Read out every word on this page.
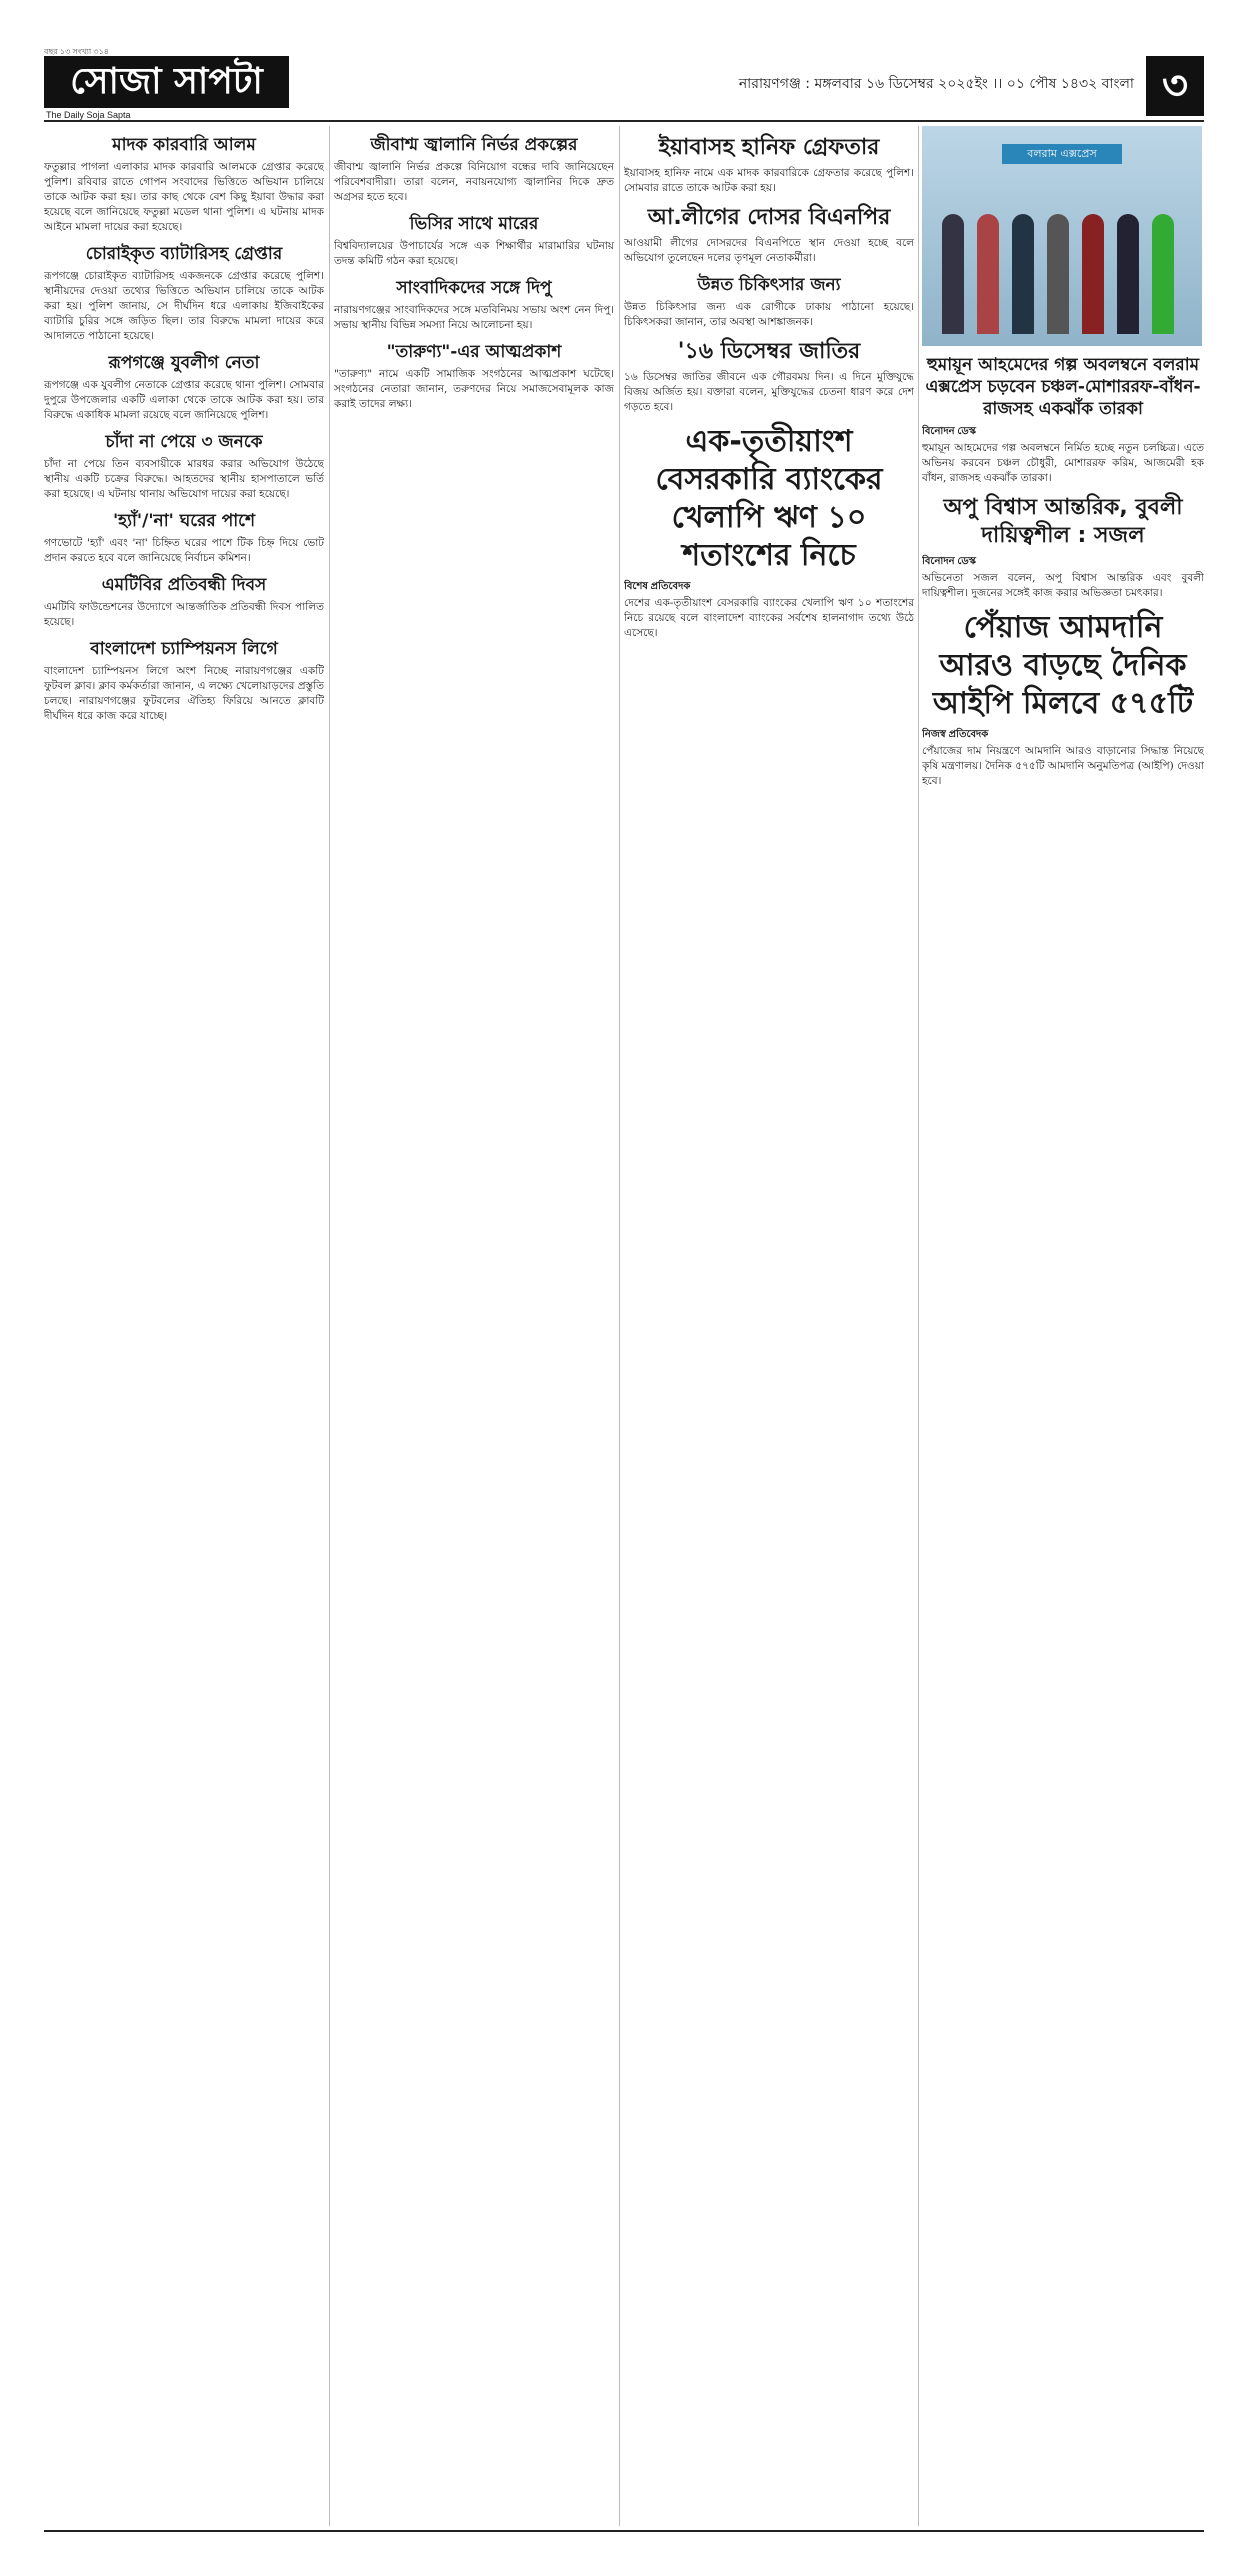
বছর ১৩ সংখ্যা ৩১৪
সোজা সাপটা
The Daily Soja Sapta
নারায়ণগঞ্জ : মঙ্গলবার ১৬ ডিসেম্বর ২০২৫ইং ।। ০১ পৌষ ১৪৩২ বাংলা ৩
মাদক কারবারি আলম

ফতুল্লার পাগলা এলাকার মাদক কারবারি আলমকে গ্রেপ্তার করেছে পুলিশ। রবিবার রাতে গোপন সংবাদের ভিত্তিতে অভিযান চালিয়ে তাকে আটক করা হয়। তার কাছ থেকে বেশ কিছু ইয়াবা উদ্ধার করা হয়েছে বলে জানিয়েছে ফতুল্লা মডেল থানা পুলিশ। এ ঘটনায় মাদক আইনে মামলা দায়ের করা হয়েছে।

চোরাইকৃত ব্যাটারিসহ গ্রেপ্তার

রূপগঞ্জে চোরাইকৃত ব্যাটারিসহ একজনকে গ্রেপ্তার করেছে পুলিশ। স্থানীয়দের দেওয়া তথ্যের ভিত্তিতে অভিযান চালিয়ে তাকে আটক করা হয়। পুলিশ জানায়, সে দীর্ঘদিন ধরে এলাকায় ইজিবাইকের ব্যাটারি চুরির সঙ্গে জড়িত ছিল। তার বিরুদ্ধে মামলা দায়ের করে আদালতে পাঠানো হয়েছে।

রূপগঞ্জে যুবলীগ নেতা

রূপগঞ্জে এক যুবলীগ নেতাকে গ্রেপ্তার করেছে থানা পুলিশ। সোমবার দুপুরে উপজেলার একটি এলাকা থেকে তাকে আটক করা হয়। তার বিরুদ্ধে একাধিক মামলা রয়েছে বলে জানিয়েছে পুলিশ।

চাঁদা না পেয়ে ৩ জনকে

চাঁদা না পেয়ে তিন ব্যবসায়ীকে মারধর করার অভিযোগ উঠেছে স্থানীয় একটি চক্রের বিরুদ্ধে। আহতদের স্থানীয় হাসপাতালে ভর্তি করা হয়েছে। এ ঘটনায় থানায় অভিযোগ দায়ের করা হয়েছে।

'হ্যাঁ'/'না' ঘরের পাশে

গণভোটে 'হ্যাঁ' এবং 'না' চিহ্নিত ঘরের পাশে টিক চিহ্ন দিয়ে ভোট প্রদান করতে হবে বলে জানিয়েছে নির্বাচন কমিশন।

এমটিবির প্রতিবন্ধী দিবস

এমটিবি ফাউন্ডেশনের উদ্যোগে আন্তর্জাতিক প্রতিবন্ধী দিবস পালিত হয়েছে।

বাংলাদেশ চ্যাম্পিয়নস লিগে

বাংলাদেশ চ্যাম্পিয়নস লিগে অংশ নিচ্ছে নারায়ণগঞ্জের একটি ফুটবল ক্লাব। ক্লাব কর্মকর্তারা জানান, এ লক্ষ্যে খেলোয়াড়দের প্রস্তুতি চলছে। নারায়ণগঞ্জের ফুটবলের ঐতিহ্য ফিরিয়ে আনতে ক্লাবটি দীর্ঘদিন ধরে কাজ করে যাচ্ছে।

জীবাশ্ম জ্বালানি নির্ভর প্রকল্পের

জীবাশ্ম জ্বালানি নির্ভর প্রকল্পে বিনিয়োগ বন্ধের দাবি জানিয়েছেন পরিবেশবাদীরা। তারা বলেন, নবায়নযোগ্য জ্বালানির দিকে দ্রুত অগ্রসর হতে হবে।

ভিসির সাথে মারের

বিশ্ববিদ্যালয়ের উপাচার্যের সঙ্গে এক শিক্ষার্থীর মারামারির ঘটনায় তদন্ত কমিটি গঠন করা হয়েছে।

সাংবাদিকদের সঙ্গে দিপু

নারায়ণগঞ্জের সাংবাদিকদের সঙ্গে মতবিনিময় সভায় অংশ নেন দিপু। সভায় স্থানীয় বিভিন্ন সমস্যা নিয়ে আলোচনা হয়।

"তারুণ্য"-এর আত্মপ্রকাশ

"তারুণ্য" নামে একটি সামাজিক সংগঠনের আত্মপ্রকাশ ঘটেছে। সংগঠনের নেতারা জানান, তরুণদের নিয়ে সমাজসেবামূলক কাজ করাই তাদের লক্ষ্য।

ইয়াবাসহ হানিফ গ্রেফতার

ইয়াবাসহ হানিফ নামে এক মাদক কারবারিকে গ্রেফতার করেছে পুলিশ। সোমবার রাতে তাকে আটক করা হয়।

আ.লীগের দোসর বিএনপির

আওয়ামী লীগের দোসরদের বিএনপিতে স্থান দেওয়া হচ্ছে বলে অভিযোগ তুলেছেন দলের তৃণমূল নেতাকর্মীরা।

উন্নত চিকিৎসার জন্য

উন্নত চিকিৎসার জন্য এক রোগীকে ঢাকায় পাঠানো হয়েছে। চিকিৎসকরা জানান, তার অবস্থা আশঙ্কাজনক।

'১৬ ডিসেম্বর জাতির

১৬ ডিসেম্বর জাতির জীবনে এক গৌরবময় দিন। এ দিনে মুক্তিযুদ্ধে বিজয় অর্জিত হয়। বক্তারা বলেন, মুক্তিযুদ্ধের চেতনা ধারণ করে দেশ গড়তে হবে।

এক-তৃতীয়াংশ বেসরকারি ব্যাংকের খেলাপি ঋণ ১০ শতাংশের নিচে
বিশেষ প্রতিবেদক

দেশের এক-তৃতীয়াংশ বেসরকারি ব্যাংকের খেলাপি ঋণ ১০ শতাংশের নিচে রয়েছে বলে বাংলাদেশ ব্যাংকের সর্বশেষ হালনাগাদ তথ্যে উঠে এসেছে।

বলরাম এক্সপ্রেস
হুমায়ূন আহমেদের গল্প অবলম্বনে বলরাম এক্সপ্রেস চড়বেন চঞ্চল-মোশাররফ-বাঁধন-রাজসহ একঝাঁক তারকা
বিনোদন ডেস্ক

হুমায়ূন আহমেদের গল্প অবলম্বনে নির্মিত হচ্ছে নতুন চলচ্চিত্র। এতে অভিনয় করবেন চঞ্চল চৌধুরী, মোশাররফ করিম, আজমেরী হক বাঁধন, রাজসহ একঝাঁক তারকা।

অপু বিশ্বাস আন্তরিক, বুবলী দায়িত্বশীল : সজল
বিনোদন ডেস্ক

অভিনেতা সজল বলেন, অপু বিশ্বাস আন্তরিক এবং বুবলী দায়িত্বশীল। দুজনের সঙ্গেই কাজ করার অভিজ্ঞতা চমৎকার।

পেঁয়াজ আমদানি আরও বাড়ছে দৈনিক আইপি মিলবে ৫৭৫টি
নিজস্ব প্রতিবেদক

পেঁয়াজের দাম নিয়ন্ত্রণে আমদানি আরও বাড়ানোর সিদ্ধান্ত নিয়েছে কৃষি মন্ত্রণালয়। দৈনিক ৫৭৫টি আমদানি অনুমতিপত্র (আইপি) দেওয়া হবে।
